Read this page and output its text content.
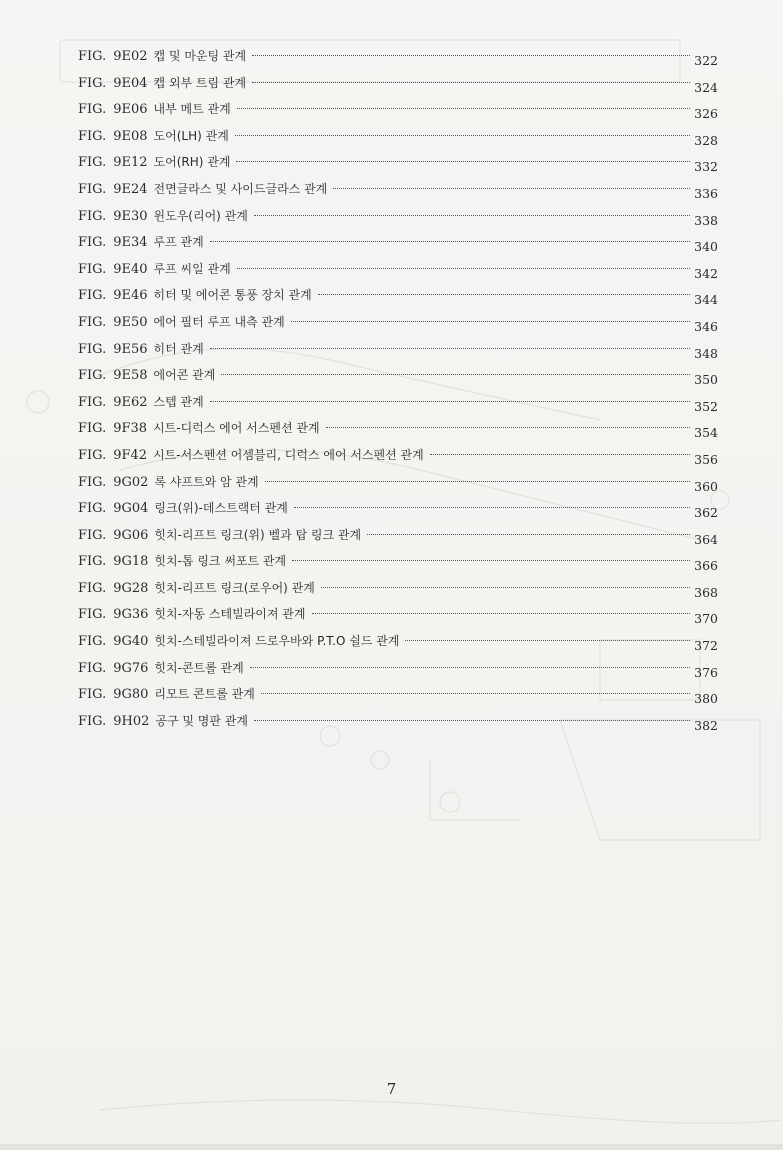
FIG. 9E02 캡 및 마운팅 관계	322
FIG. 9E04 캡 외부 트림 관계	324
FIG. 9E06 내부 메트 관계	326
FIG. 9E08 도어(LH) 관계	328
FIG. 9E12 도어(RH) 관계	332
FIG. 9E24 전면글라스 및 사이드글라스 관계	336
FIG. 9E30 윈도우(리어) 관계	338
FIG. 9E34 루프 관계	340
FIG. 9E40 루프 씨일 관계	342
FIG. 9E46 히터 및 에어콘 통풍 장치 관계	344
FIG. 9E50 에어 필터 루프 내측 관계	346
FIG. 9E56 히터 관계	348
FIG. 9E58 에어콘 관계	350
FIG. 9E62 스텝 관계	352
FIG. 9F38 시트-디럭스 에어 서스펜션 관계	354
FIG. 9F42 시트-서스펜션 어셈블리, 디럭스 에어 서스펜션 관계	356
FIG. 9G02 록 샤프트와 암 관계	360
FIG. 9G04 링크(위)-데스트랙터 관계	362
FIG. 9G06 힛치-리프트 링크(위) 벨과 탑 링크 관계	364
FIG. 9G18 힛치-톱 링크 써포트 관계	366
FIG. 9G28 힛치-리프트 링크(로우어) 관계	368
FIG. 9G36 힛치-자동 스테빌라이져 관계	370
FIG. 9G40 힛치-스테빌라이져 드로우바와 P.T.O 쉴드 관계	372
FIG. 9G76 힛치-콘트롤 관계	376
FIG. 9G80 리모트 콘트롤 관계	380
FIG. 9H02 공구 및 명판 관계	382
7
